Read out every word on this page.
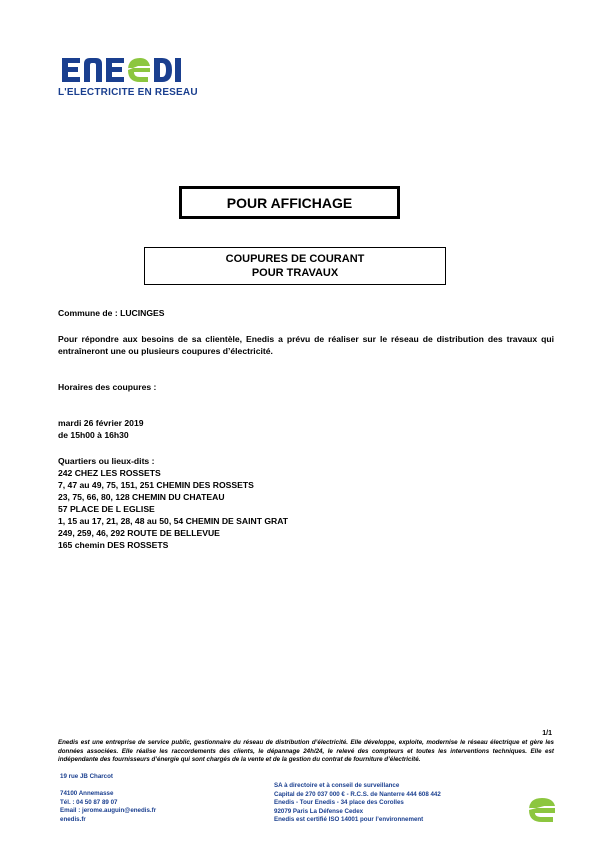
L'ELECTRICITE EN RESEAU
POUR AFFICHAGE
COUPURES DE COURANT
POUR TRAVAUX
Commune de : LUCINGES
Pour répondre aux besoins de sa clientèle, Enedis a prévu de réaliser sur le réseau de distribution des travaux qui entraîneront une ou plusieurs coupures d’électricité.
Horaires des coupures :
mardi 26 février 2019
de 15h00 à 16h30
Quartiers ou lieux-dits :
242 CHEZ LES ROSSETS
7, 47 au 49, 75, 151, 251 CHEMIN DES ROSSETS
23, 75, 66, 80, 128 CHEMIN DU CHATEAU
57 PLACE DE L EGLISE
1, 15 au 17, 21, 28, 48 au 50, 54 CHEMIN DE SAINT GRAT
249, 259, 46, 292 ROUTE DE BELLEVUE
165 chemin DES ROSSETS
1/1
Enedis est une entreprise de service public, gestionnaire du réseau de distribution d’électricité. Elle développe, exploite, modernise le réseau électrique et gère les données associées. Elle réalise les raccordements des clients, le dépannage 24h/24, le relevé des compteurs et toutes les interventions techniques. Elle est indépendante des fournisseurs d’énergie qui sont chargés de la vente et de la gestion du contrat de fourniture d’électricité.
19 rue JB Charcot
74100 Annemasse
Tél. : 04 50 87 89 07
Email : jerome.auguin@enedis.fr
enedis.fr
SA à directoire et à conseil de surveillance
Capital de 270 037 000 € - R.C.S. de Nanterre 444 608 442
Enedis - Tour Enedis - 34 place des Corolles
92079 Paris La Défense Cedex
Enedis est certifié ISO 14001 pour l’environnement
